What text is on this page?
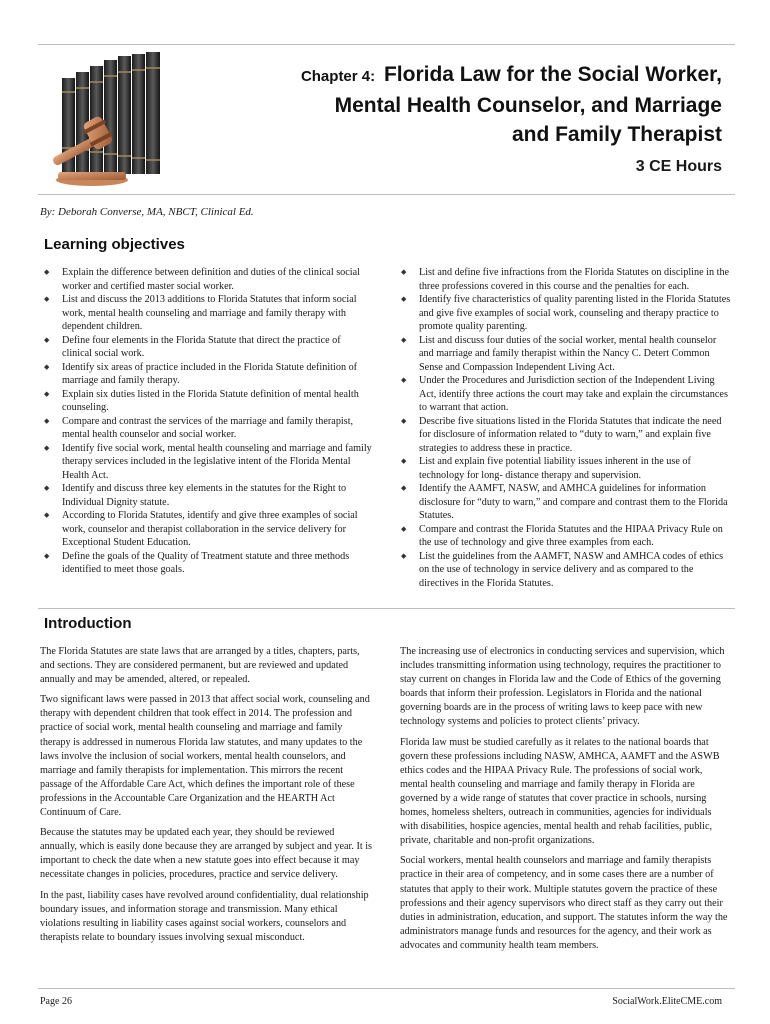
Chapter 4: Florida Law for the Social Worker,
Mental Health Counselor, and Marriage
and Family Therapist

3 CE Hours

By: Deborah Converse, MA, NBCT, Clinical Ed.

Learning objectives
◆ Explain the difference between definition and duties of the clinical social worker and certified master social worker.
◆ List and discuss the 2013 additions to Florida Statutes that inform social work, mental health counseling and marriage and family therapy with dependent children.
◆ Define four elements in the Florida Statute that direct the practice of clinical social work.
◆ Identify six areas of practice included in the Florida Statute definition of marriage and family therapy.
◆ Explain six duties listed in the Florida Statute definition of mental health counseling.
◆ Compare and contrast the services of the marriage and family therapist, mental health counselor and social worker.
◆ Identify five social work, mental health counseling and marriage and family therapy services included in the legislative intent of the Florida Mental Health Act.
◆ Identify and discuss three key elements in the statutes for the Right to Individual Dignity statute.
◆ According to Florida Statutes, identify and give three examples of social work, counselor and therapist collaboration in the service delivery for Exceptional Student Education.
◆ Define the goals of the Quality of Treatment statute and three methods identified to meet those goals.
◆ List and define five infractions from the Florida Statutes on discipline in the three professions covered in this course and the penalties for each.
◆ Identify five characteristics of quality parenting listed in the Florida Statutes and give five examples of social work, counseling and therapy practice to promote quality parenting.
◆ List and discuss four duties of the social worker, mental health counselor and marriage and family therapist within the Nancy C. Detert Common Sense and Compassion Independent Living Act.
◆ Under the Procedures and Jurisdiction section of the Independent Living Act, identify three actions the court may take and explain the circumstances to warrant that action.
◆ Describe five situations listed in the Florida Statutes that indicate the need for disclosure of information related to “duty to warn,” and explain five strategies to address these in practice.
◆ List and explain five potential liability issues inherent in the use of technology for long- distance therapy and supervision.
◆ Identify the AAMFT, NASW, and AMHCA guidelines for information disclosure for “duty to warn,” and compare and contrast them to the Florida Statutes.
◆ Compare and contrast the Florida Statutes and the HIPAA Privacy Rule on the use of technology and give three examples from each.
◆ List the guidelines from the AAMFT, NASW and AMHCA codes of ethics on the use of technology in service delivery and as compared to the directives in the Florida Statutes.
Introduction

The Florida Statutes are state laws that are arranged by a titles, chapters, parts, and sections. They are considered permanent, but are reviewed and updated annually and may be amended, altered, or repealed.

Two significant laws were passed in 2013 that affect social work, counseling and therapy with dependent children that took effect in 2014. The profession and practice of social work, mental health counseling and marriage and family therapy is addressed in numerous Florida law statutes, and many updates to the laws involve the inclusion of social workers, mental health counselors, and marriage and family therapists for implementation. This mirrors the recent passage of the Affordable Care Act, which defines the important role of these professions in the Accountable Care Organization and the HEARTH Act Continuum of Care.

Because the statutes may be updated each year, they should be reviewed annually, which is easily done because they are arranged by subject and year. It is important to check the date when a new statute goes into effect because it may necessitate changes in policies, procedures, practice and service delivery.

In the past, liability cases have revolved around confidentiality, dual relationship boundary issues, and information storage and transmission. Many ethical violations resulting in liability cases against social workers, counselors and therapists relate to boundary issues involving sexual misconduct.

The increasing use of electronics in conducting services and supervision, which includes transmitting information using technology, requires the practitioner to stay current on changes in Florida law and the Code of Ethics of the governing boards that inform their profession. Legislators in Florida and the national governing boards are in the process of writing laws to keep pace with new technology systems and policies to protect clients’ privacy.

Florida law must be studied carefully as it relates to the national boards that govern these professions including NASW, AMHCA, AAMFT and the ASWB ethics codes and the HIPAA Privacy Rule. The professions of social work, mental health counseling and marriage and family therapy in Florida are governed by a wide range of statutes that cover practice in schools, nursing homes, homeless shelters, outreach in communities, agencies for individuals with disabilities, hospice agencies, mental health and rehab facilities, public, private, charitable and non-profit organizations.

Social workers, mental health counselors and marriage and family therapists practice in their area of competency, and in some cases there are a number of statutes that apply to their work. Multiple statutes govern the practice of these professions and their agency supervisors who direct staff as they carry out their duties in administration, education, and support. The statutes inform the way the administrators manage funds and resources for the agency, and their work as advocates and community health team members.

Page 26	SocialWork.EliteCME.com
